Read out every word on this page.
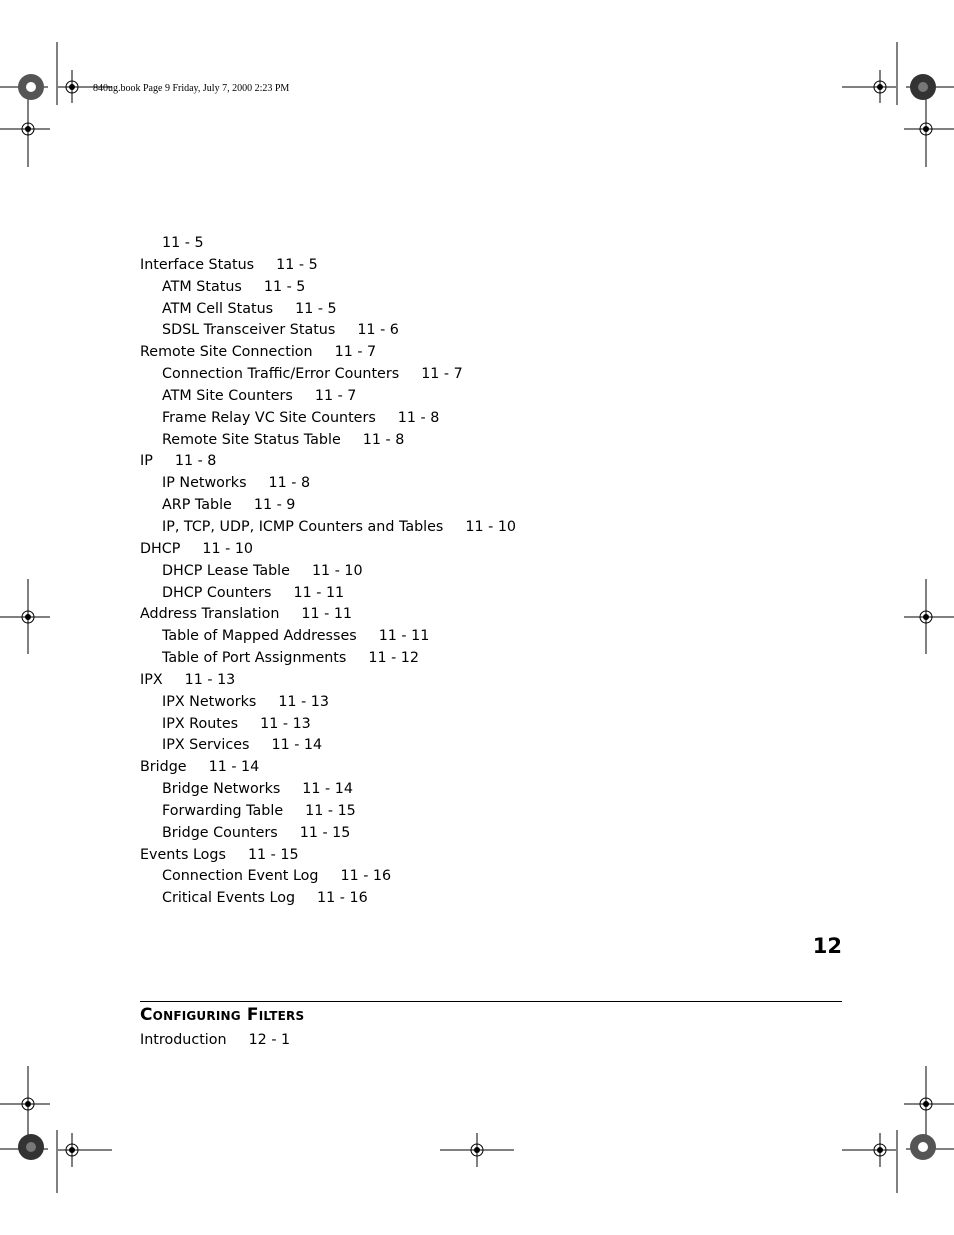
840ug.book Page 9 Friday, July 7, 2000 2:23 PM
11 - 5
Interface Status 11 - 5
ATM Status 11 - 5
ATM Cell Status 11 - 5
SDSL Transceiver Status 11 - 6
Remote Site Connection 11 - 7
Connection Traffic/Error Counters 11 - 7
ATM Site Counters 11 - 7
Frame Relay VC Site Counters 11 - 8
Remote Site Status Table 11 - 8
IP 11 - 8
IP Networks 11 - 8
ARP Table 11 - 9
IP, TCP, UDP, ICMP Counters and Tables 11 - 10
DHCP 11 - 10
DHCP Lease Table 11 - 10
DHCP Counters 11 - 11
Address Translation 11 - 11
Table of Mapped Addresses 11 - 11
Table of Port Assignments 11 - 12
IPX 11 - 13
IPX Networks 11 - 13
IPX Routes 11 - 13
IPX Services 11 - 14
Bridge 11 - 14
Bridge Networks 11 - 14
Forwarding Table 11 - 15
Bridge Counters 11 - 15
Events Logs 11 - 15
Connection Event Log 11 - 16
Critical Events Log 11 - 16
12
Configuring Filters
Introduction 12 - 1
